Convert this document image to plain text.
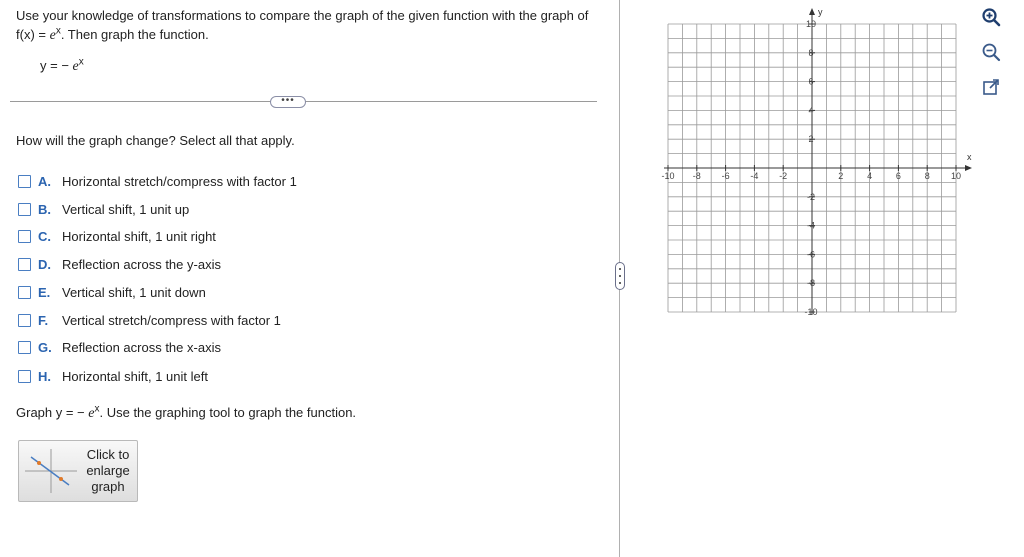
Use your knowledge of transformations to compare the graph of the given function with the graph of $f(x) = e^x$. Then graph the function.
y = − $e^x$
•••
How will the graph change? Select all that apply.
A. Horizontal stretch/compress with factor 1
B. Vertical shift, 1 unit up
C. Horizontal shift, 1 unit right
D. Reflection across the y-axis
E. Vertical shift, 1 unit down
F.	Vertical stretch/compress with factor 1
G. Reflection across the x-axis
H. Horizontal shift, 1 unit left
Graph y = − $e^x$. Use the graphing tool to graph the function.
Click to
enlarge
graph
-10 -8 -6 -4 -2	2	4	6	8 10
10
8
6
4
2
-2
-4
-6
-8
-10
x
y
